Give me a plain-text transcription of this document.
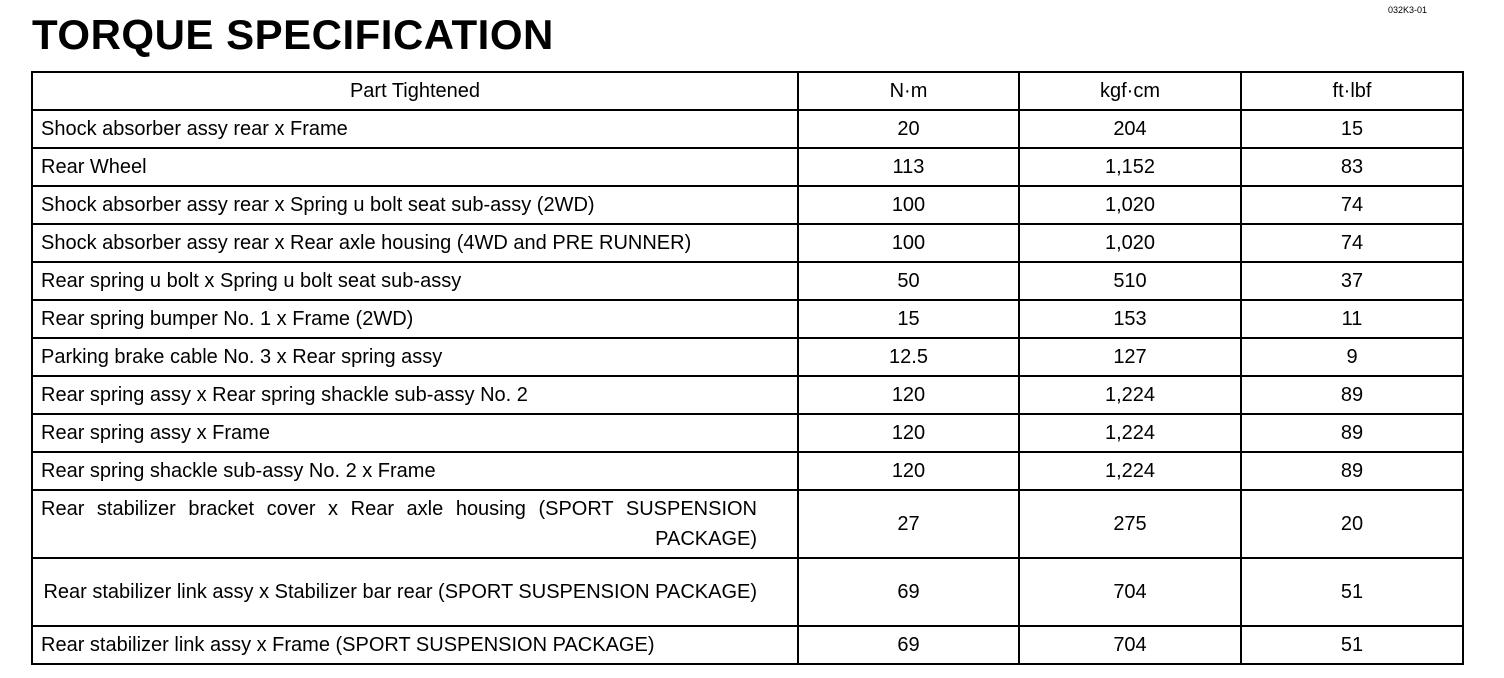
TORQUE SPECIFICATION
032K3-01
Part Tightened	N·m	kgf·cm	ft·lbf
Shock absorber assy rear x Frame	20	204	15
Rear Wheel	113	1,152	83
Shock absorber assy rear x Spring u bolt seat sub-assy (2WD)	100	1,020	74
Shock absorber assy rear x Rear axle housing (4WD and PRE RUNNER)	100	1,020	74
Rear spring u bolt x Spring u bolt seat sub-assy	50	510	37
Rear spring bumper No. 1 x Frame (2WD)	15	153	11
Parking brake cable No. 3 x Rear spring assy	12.5	127	9
Rear spring assy x Rear spring shackle sub-assy No. 2	120	1,224	89
Rear spring assy x Frame	120	1,224	89
Rear spring shackle sub-assy No. 2 x Frame	120	1,224	89

Rear stabilizer bracket cover x Rear axle housing (SPORT SUSPENSION PACKAGE)	27	275	20

Rear stabilizer link assy x Stabilizer bar rear (SPORT SUSPENSION PACKAGE)	69	704	51
Rear stabilizer link assy x Frame (SPORT SUSPENSION PACKAGE)	69	704	51
